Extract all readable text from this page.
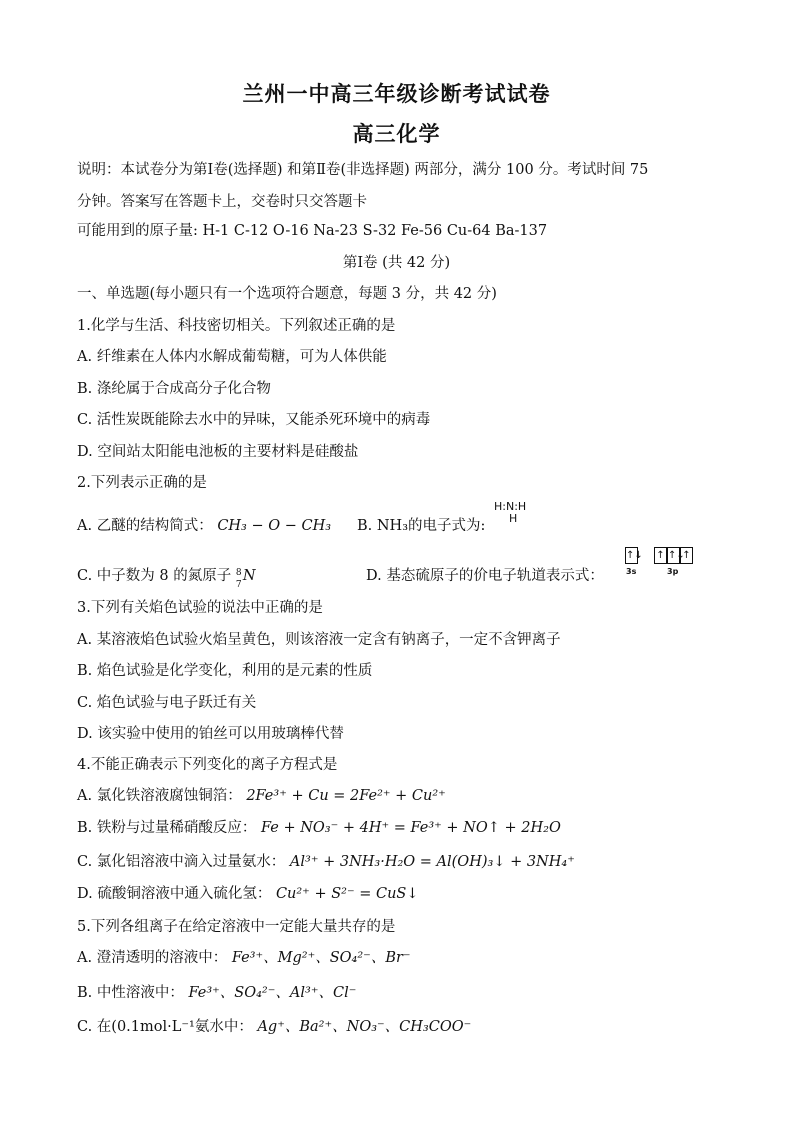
兰州一中高三年级诊断考试试卷
高三化学
说明：本试卷分为第Ⅰ卷(选择题) 和第Ⅱ卷(非选择题) 两部分，满分 100 分。考试时间 75
分钟。答案写在答题卡上，交卷时只交答题卡
可能用到的原子量: H-1 C-12 O-16 Na-23 S-32 Fe-56 Cu-64 Ba-137
第Ⅰ卷 (共 42 分)
一、单选题(每小题只有一个选项符合题意，每题 3 分，共 42 分)
1.化学与生活、科技密切相关。下列叙述正确的是
A. 纤维素在人体内水解成葡萄糖，可为人体供能
B. 涤纶属于合成高分子化合物
C. 活性炭既能除去水中的异味，又能杀死环境中的病毒
D. 空间站太阳能电池板的主要材料是硅酸盐
2.下列表示正确的是
A. 乙醚的结构简式： CH₃ − O − CH₃ B. NH₃的电子式为:
H:N:H
H
C. 中子数为 8 的氮原子 8
7
N	D. 基态硫原子的价电子轨道表示式：
↑↓ ↑ ↑↓
↑
3s	3p
3.下列有关焰色试验的说法中正确的是
A. 某溶液焰色试验火焰呈黄色，则该溶液一定含有钠离子，一定不含钾离子
B. 焰色试验是化学变化，利用的是元素的性质
C. 焰色试验与电子跃迁有关
D. 该实验中使用的铂丝可以用玻璃棒代替
4.不能正确表示下列变化的离子方程式是
A. 氯化铁溶液腐蚀铜箔： 2Fe³⁺ + Cu = 2Fe²⁺ + Cu²⁺
B. 铁粉与过量稀硝酸反应： Fe + NO₃⁻ + 4H⁺ = Fe³⁺ + NO↑ + 2H₂O
C. 氯化铝溶液中滴入过量氨水： Al³⁺ + 3NH₃·H₂O = Al(OH)₃↓ + 3NH₄⁺
D. 硫酸铜溶液中通入硫化氢： Cu²⁺ + S²⁻ = CuS↓
5.下列各组离子在给定溶液中一定能大量共存的是
A. 澄清透明的溶液中： Fe³⁺、Mg²⁺、SO₄²⁻、Br⁻
B. 中性溶液中： Fe³⁺、SO₄²⁻、Al³⁺、Cl⁻
C. 在(0.1mol·L⁻¹氨水中： Ag⁺、Ba²⁺、NO₃⁻、CH₃COO⁻
